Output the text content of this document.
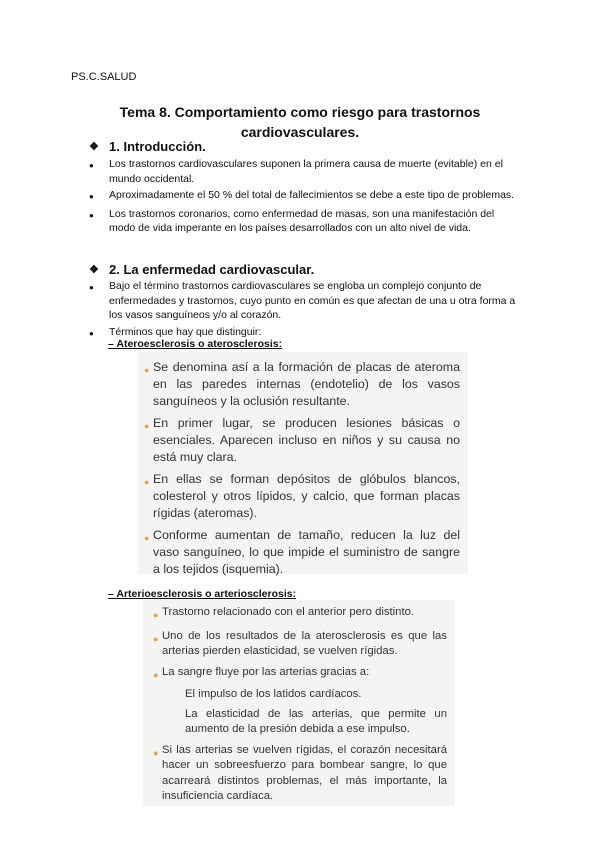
PS.C.SALUD
Tema 8. Comportamiento como riesgo para trastornos
cardiovasculares.
❖ 1. Introducción.
●	Los trastornos cardiovasculares suponen la primera causa de muerte (evitable) en el mundo occidental.
●	Aproximadamente el 50 % del total de fallecimientos se debe a este tipo de problemas.
●	Los trastornos coronarios, como enfermedad de masas, son una manifestación del modo de vida imperante en los países desarrollados con un alto nivel de vida.
❖ 2. La enfermedad cardiovascular.
●	Bajo el término trastornos cardiovasculares se engloba un complejo conjunto de enfermedades y trastornos, cuyo punto en común es que afectan de una u otra forma a los vasos sanguíneos y/o al corazón.
●	Términos que hay que distinguir:
– Ateroesclerosis o aterosclerosis:
● Se denomina así a la formación de placas de ateroma en las paredes internas (endotelio) de los vasos sanguíneos y la oclusión resultante.
● En primer lugar, se producen lesiones básicas o esenciales. Aparecen incluso en niños y su causa no está muy clara.
● En ellas se forman depósitos de glóbulos blancos, colesterol y otros lípidos, y calcio, que forman placas rígidas (ateromas).
● Conforme aumentan de tamaño, reducen la luz del vaso sanguíneo, lo que impide el suministro de sangre a los tejidos (isquemia).
– Arterioesclerosis o arteriosclerosis:
● Trastorno relacionado con el anterior pero distinto.
● Uno de los resultados de la aterosclerosis es que las arterias pierden elasticidad, se vuelven rígidas.
● La sangre fluye por las arterias gracias a:
El impulso de los latidos cardíacos.
La elasticidad de las arterias, que permite un aumento de la presión debida a ese impulso.
● Si las arterias se vuelven rígidas, el corazón necesitará hacer un sobreesfuerzo para bombear sangre, lo que acarreará distintos problemas, el más importante, la insuficiencia cardíaca.
